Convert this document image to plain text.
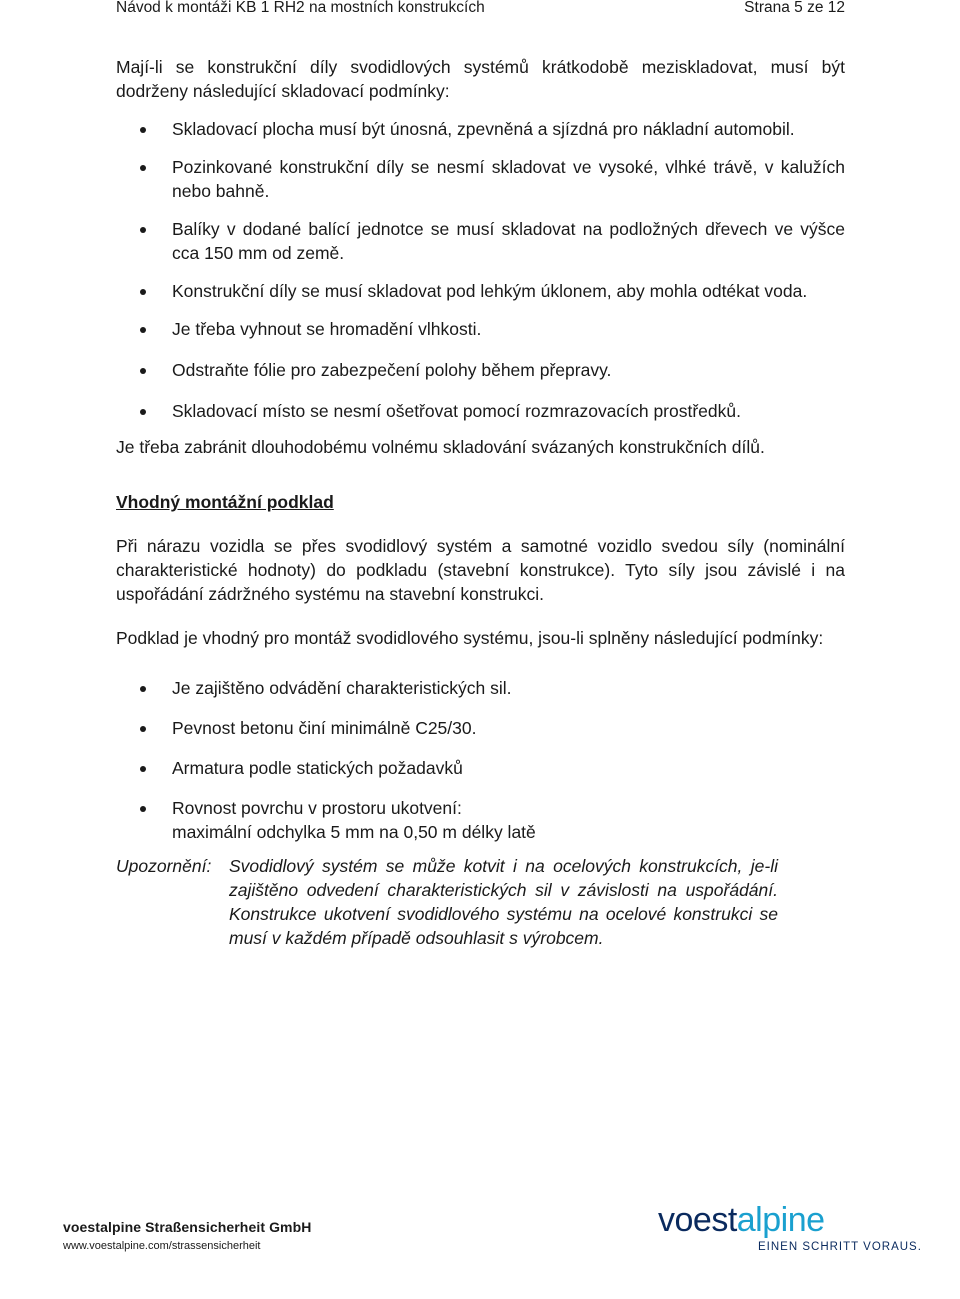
Návod k montáži KB 1 RH2 na mostních konstrukcích	Strana 5 ze 12

Mají-li se konstrukční díly svodidlových systémů krátkodobě meziskladovat, musí být dodrženy následující skladovací podmínky:

Skladovací plocha musí být únosná, zpevněná a sjízdná pro nákladní automobil.
Pozinkované konstrukční díly se nesmí skladovat ve vysoké, vlhké trávě, v kalužích nebo bahně.
Balíky v dodané balící jednotce se musí skladovat na podložných dřevech ve výšce cca 150 mm od země.
Konstrukční díly se musí skladovat pod lehkým úklonem, aby mohla odtékat voda.
Je třeba vyhnout se hromadění vlhkosti.
Odstraňte fólie pro zabezpečení polohy během přepravy.
Skladovací místo se nesmí ošetřovat pomocí rozmrazovacích prostředků.

Je třeba zabránit dlouhodobému volnému skladování svázaných konstrukčních dílů.

Vhodný montážní podklad

Při nárazu vozidla se přes svodidlový systém a samotné vozidlo svedou síly (nominální charakteristické hodnoty) do podkladu (stavební konstrukce). Tyto síly jsou závislé i na uspořádání zádržného systému na stavební konstrukci.

Podklad je vhodný pro montáž svodidlového systému, jsou-li splněny následující podmínky:

Je zajištěno odvádění charakteristických sil.
Pevnost betonu činí minimálně C25/30.
Armatura podle statických požadavků
Rovnost povrchu v prostoru ukotvení:
maximální odchylka 5 mm na 0,50 m délky latě
Upozornění: Svodidlový systém se může kotvit i na ocelových konstrukcích, je-li zajištěno odvedení charakteristických sil v závislosti na uspořádání. Konstrukce ukotvení svodidlového systému na ocelové konstrukci se musí v každém případě odsouhlasit s výrobcem.

voestalpine Straßensicherheit GmbH
www.voestalpine.com/strassensicherheit
voestalpine
EINEN SCHRITT VORAUS.
